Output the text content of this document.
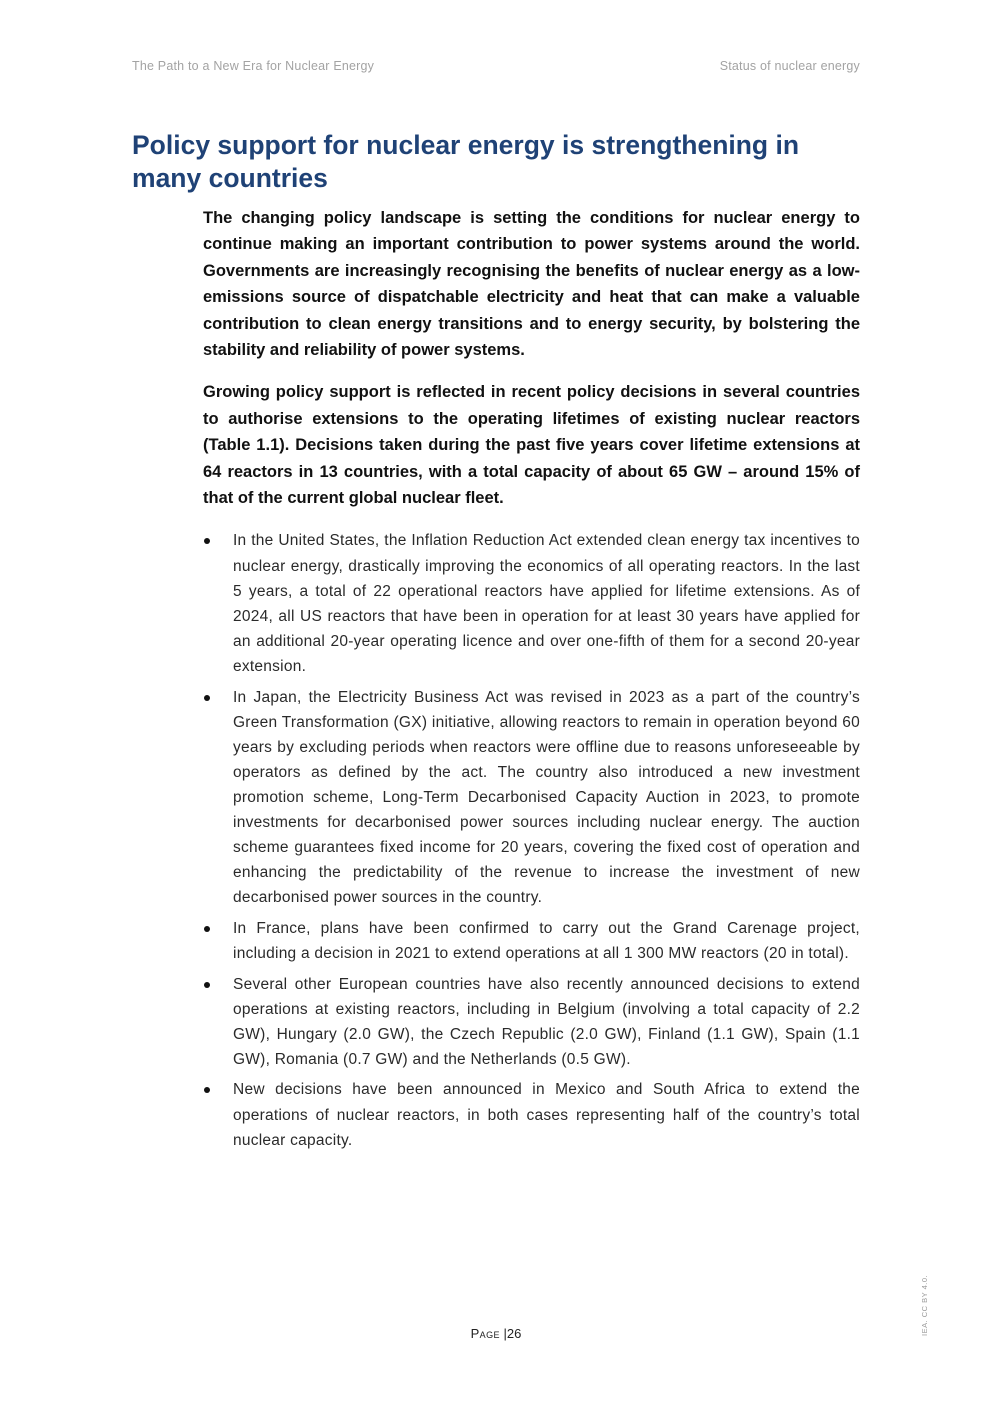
The Path to a New Era for Nuclear Energy	Status of nuclear energy
Policy support for nuclear energy is strengthening in many countries

The changing policy landscape is setting the conditions for nuclear energy to continue making an important contribution to power systems around the world. Governments are increasingly recognising the benefits of nuclear energy as a low-emissions source of dispatchable electricity and heat that can make a valuable contribution to clean energy transitions and to energy security, by bolstering the stability and reliability of power systems.

Growing policy support is reflected in recent policy decisions in several countries to authorise extensions to the operating lifetimes of existing nuclear reactors (Table 1.1). Decisions taken during the past five years cover lifetime extensions at 64 reactors in 13 countries, with a total capacity of about 65 GW – around 15% of that of the current global nuclear fleet.

In the United States, the Inflation Reduction Act extended clean energy tax incentives to nuclear energy, drastically improving the economics of all operating reactors. In the last 5 years, a total of 22 operational reactors have applied for lifetime extensions. As of 2024, all US reactors that have been in operation for at least 30 years have applied for an additional 20-year operating licence and over one-fifth of them for a second 20-year extension.
In Japan, the Electricity Business Act was revised in 2023 as a part of the country’s Green Transformation (GX) initiative, allowing reactors to remain in operation beyond 60 years by excluding periods when reactors were offline due to reasons unforeseeable by operators as defined by the act. The country also introduced a new investment promotion scheme, Long-Term Decarbonised Capacity Auction in 2023, to promote investments for decarbonised power sources including nuclear energy. The auction scheme guarantees fixed income for 20 years, covering the fixed cost of operation and enhancing the predictability of the revenue to increase the investment of new decarbonised power sources in the country.
In France, plans have been confirmed to carry out the Grand Carenage project, including a decision in 2021 to extend operations at all 1 300 MW reactors (20 in total).
Several other European countries have also recently announced decisions to extend operations at existing reactors, including in Belgium (involving a total capacity of 2.2 GW), Hungary (2.0 GW), the Czech Republic (2.0 GW), Finland (1.1 GW), Spain (1.1 GW), Romania (0.7 GW) and the Netherlands (0.5 GW).
New decisions have been announced in Mexico and South Africa to extend the operations of nuclear reactors, in both cases representing half of the country’s total nuclear capacity.
Page |26	IEA. CC BY 4.0.
